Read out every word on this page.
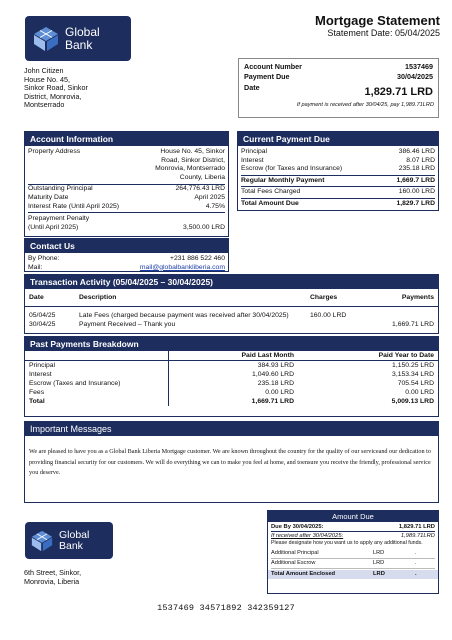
Global
Bank
Mortgage Statement
Statement Date: 05/04/2025
John Citizen
House No. 45,
Sinkor Road, Sinkor
District, Monrovia,
Montserrado
Account Number	1537469
Payment Due	30/04/2025
Date	1,829.71 LRD
If payment is received after 30/04/25, pay 1,989.71LRD
Account Information
Property Address	House No. 45, Sinkor
Road, Sinkor District,
Monrovia, Montserrado
County, Liberia
Outstanding Principal	264,776.43 LRD
Maturity Date	April 2025
Interest Rate (Until April 2025)	4.75%
Prepayment Penalty
(Until April 2025)	3,500.00 LRD
Contact Us
By Phone:	+231 886 522 460
Mail:	mail@globalbankliberia.com
Current Payment Due
Principal	386.46 LRD
Interest	8.07 LRD
Escrow (for Taxes and Insurance)	235.18 LRD
Regular Monthly Payment	1,669.7 LRD
Total Fees Charged	160.00 LRD
Total Amount Due	1,829.7 LRD
Transaction Activity (05/04/2025 – 30/04/2025)
Date	Description	Charges	Payments

05/04/25	Late Fees (charged because payment was received after 30/04/2025)	160.00 LRD	
30/04/25	Payment Received – Thank you		1,669.71 LRD
Past Payments Breakdown
	Paid Last Month	Paid Year to Date
Principal	384.93 LRD	1,150.25 LRD
Interest	1,049.60 LRD	3,153.34 LRD
Escrow (Taxes and Insurance)	235.18 LRD	705.54 LRD
Fees	0.00 LRD	0.00 LRD
Total	1,669.71 LRD	5,009.13 LRD
Important Messages
We are pleased to have you as a Global Bank Liberia Mortgage customer. We are known throughout the country for the quality of our serviceand our dedication to providing financial security for our customers. We will do everything we can to make you feel at home, and toensure you receive the friendly, professional service you deserve.
Global
Bank
6th Street, Sinkor,
Monrovia, Liberia
Amount Due
Due By 30/04/2025:	1,829.71 LRD
If received after 30/04/2025:	1,989.71LRD
Please designate how you want us to apply any additional funds.
Additional Principal	LRD	.
Additional Escrow	LRD	.
Total Amount Enclosed	LRD	.
1537469 34571892 342359127
